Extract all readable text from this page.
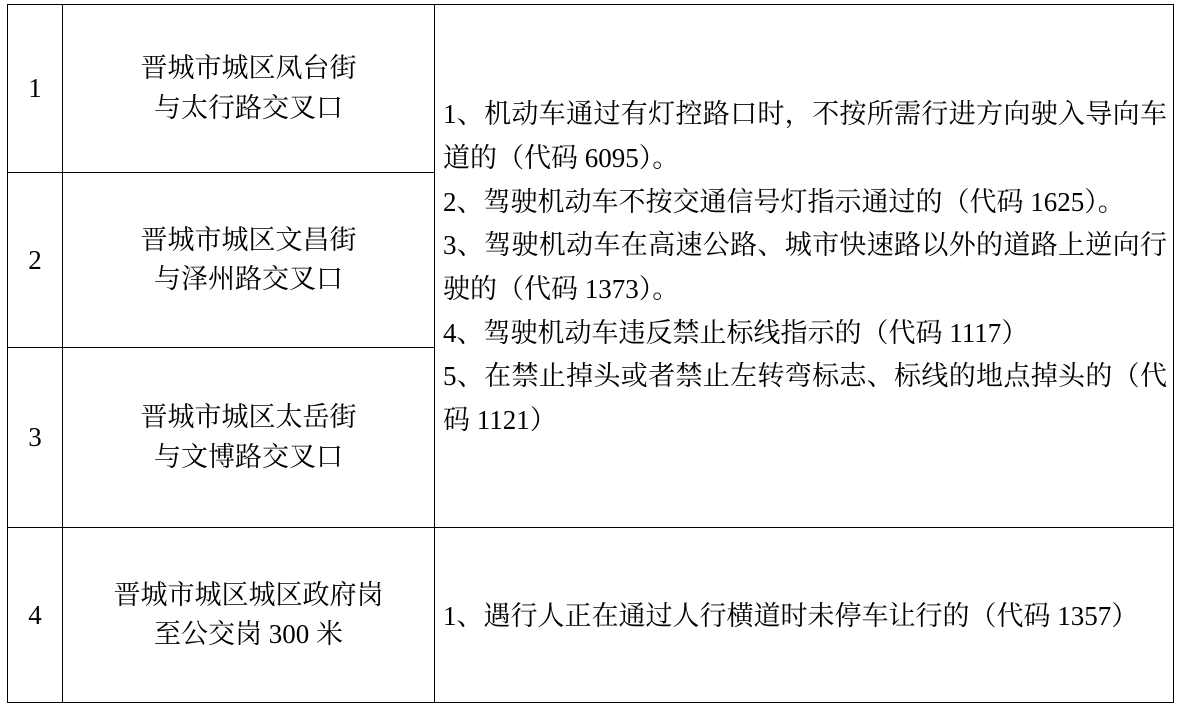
1	晋城市城区凤台街
与太行路交叉口	1、机动车通过有灯控路口时，不按所需行进方向驶入导向车道的（代码 6095）。
2、驾驶机动车不按交通信号灯指示通过的（代码 1625）。
3、驾驶机动车在高速公路、城市快速路以外的道路上逆向行驶的（代码 1373）。
4、驾驶机动车违反禁止标线指示的（代码 1117）
5、在禁止掉头或者禁止左转弯标志、标线的地点掉头的（代码 1121）

2	晋城市城区文昌街
与泽州路交叉口	

3	晋城市城区太岳街
与文博路交叉口	

4	晋城市城区城区政府岗
至公交岗 300 米	1、遇行人正在通过人行横道时未停车让行的（代码 1357）
